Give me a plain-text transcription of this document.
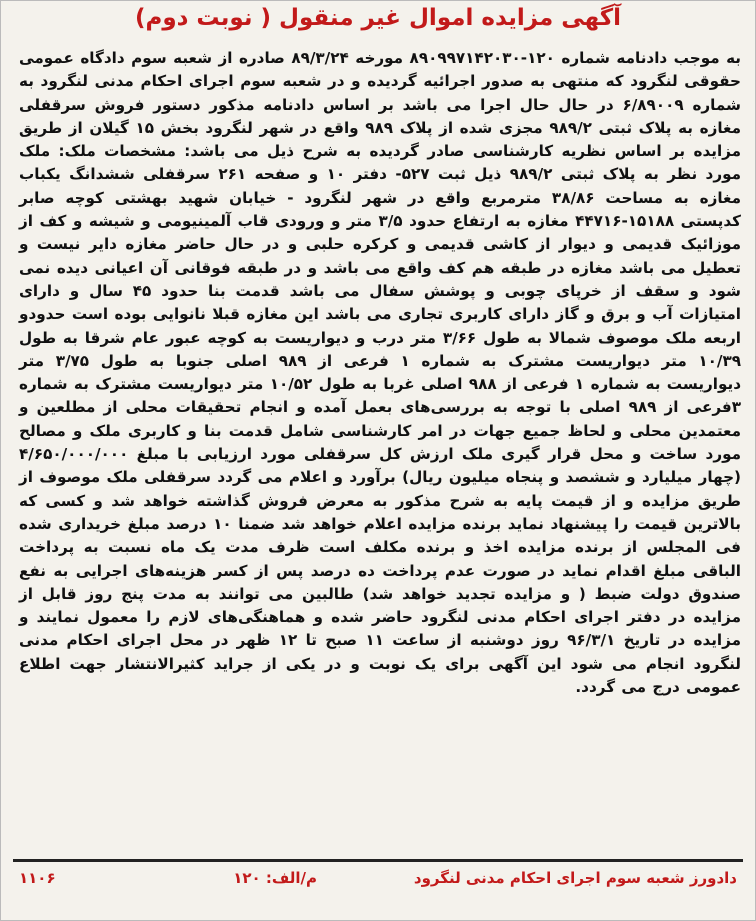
آگهی مزایده اموال غیر منقول ( نوبت دوم)
به موجب دادنامه شماره ۱۲۰-۸۹۰۹۹۷۱۴۲۰۳۰ مورخه ۸۹/۳/۲۴ صادره از شعبه سوم دادگاه عمومی حقوقی لنگرود که منتهی به صدور اجرائیه گردیده و در شعبه سوم اجرای احکام مدنی لنگرود به شماره ۶/۸۹۰۰۹ در حال حال اجرا می باشد بر اساس دادنامه مذکور دستور فروش سرقفلی مغازه به پلاک ثبتی ۹۸۹/۲ مجزی شده از پلاک ۹۸۹ واقع در شهر لنگرود بخش ۱۵ گیلان از طریق مزایده بر اساس نظریه کارشناسی صادر گردیده به شرح ذیل می باشد: مشخصات ملک: ملک مورد نظر به پلاک ثبتی ۹۸۹/۲ ذیل ثبت ۵۲۷- دفتر ۱۰ و صفحه ۲۶۱ سرقفلی ششدانگ یکباب مغازه به مساحت ۳۸/۸۶ مترمربع واقع در شهر لنگرود - خیابان شهید بهشتی کوچه صابر کدپستی ۱۵۱۸۸-۴۴۷۱۶ مغازه به ارتفاع حدود ۳/۵ متر و ورودی قاب آلمینیومی و شیشه و کف از موزائیک قدیمی و دیوار از کاشی قدیمی و کرکره حلبی و در حال حاضر مغازه دایر نیست و تعطیل می باشد مغازه در طبقه هم کف واقع می باشد و در طبقه فوقانی آن اعیانی دیده نمی شود و سقف از خرپای چوبی و پوشش سفال می باشد قدمت بنا حدود ۴۵ سال و دارای امتیازات آب و برق و گاز دارای کاربری تجاری می باشد این مغازه قبلا نانوایی بوده است حدودو اربعه ملک موصوف شمالا به طول ۳/۶۶ متر درب و دیواریست به کوچه عبور عام شرقا به طول ۱۰/۳۹ متر دیواریست مشترک به شماره ۱ فرعی از ۹۸۹ اصلی جنوبا به طول ۳/۷۵ متر دیواریست به شماره ۱ فرعی از ۹۸۸ اصلی غربا به طول ۱۰/۵۲ متر دیواریست مشترک به شماره ۳فرعی از ۹۸۹ اصلی با توجه به بررسی‌های بعمل آمده و انجام تحقیقات محلی از مطلعین و معتمدین محلی و لحاظ جمیع جهات در امر کارشناسی شامل قدمت بنا و کاربری ملک و مصالح مورد ساخت و محل قرار گیری ملک ارزش کل سرقفلی مورد ارزیابی با مبلغ ۴/۶۵۰/۰۰۰/۰۰۰ (چهار میلیارد و ششصد و پنجاه میلیون ریال) برآورد و اعلام می گردد سرقفلی ملک موصوف از طریق مزایده و از قیمت پایه به شرح مذکور به معرض فروش گذاشته خواهد شد و کسی که بالاترین قیمت را پیشنهاد نماید برنده مزایده اعلام خواهد شد ضمنا ۱۰ درصد مبلغ خریداری شده فی المجلس از برنده مزایده اخذ و برنده مکلف است ظرف مدت یک ماه نسبت به پرداخت الباقی مبلغ اقدام نماید در صورت عدم پرداخت ده درصد پس از کسر هزینه‌های اجرایی به نفع صندوق دولت ضبط ( و مزایده تجدید خواهد شد) طالبین می توانند به مدت پنج روز قابل از مزایده در دفتر اجرای احکام مدنی لنگرود حاضر شده و هماهنگی‌های لازم را معمول نمایند و مزایده در تاریخ ۹۶/۳/۱ روز دوشنبه از ساعت ۱۱ صبح تا ۱۲ ظهر در محل اجرای احکام مدنی لنگرود انجام می شود این آگهی برای یک نوبت و در یکی از جراید کثیرالانتشار جهت اطلاع عمومی درج می گردد.
دادورز شعبه سوم اجرای احکام مدنی لنگرود
م/الف: ۱۲۰
۱۱۰۶
